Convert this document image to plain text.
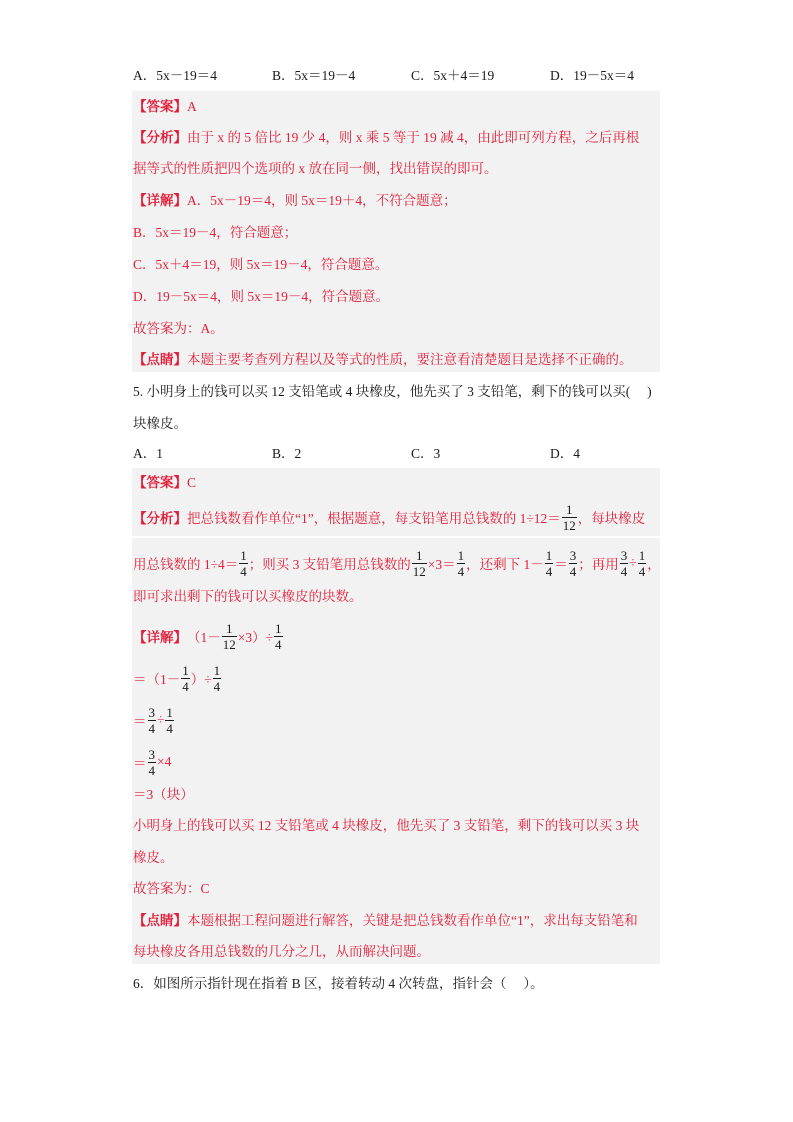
A．5x－19＝4	B．5x＝19－4	C．5x＋4＝19	D．19－5x＝4
【答案】A
【分析】由于 x 的 5 倍比 19 少 4，则 x 乘 5 等于 19 减 4，由此即可列方程，之后再根
据等式的性质把四个选项的 x 放在同一侧，找出错误的即可。
【详解】A．5x－19＝4，则 5x＝19＋4，不符合题意；
B．5x＝19－4，符合题意；
C．5x＋4＝19，则 5x＝19－4，符合题意。
D．19－5x＝4，则 5x＝19－4，符合题意。
故答案为：A。
【点睛】本题主要考查列方程以及等式的性质，要注意看清楚题目是选择不正确的。
5. 小明身上的钱可以买 12 支铅笔或 4 块橡皮，他先买了 3 支铅笔，剩下的钱可以买(　 )
块橡皮。
A．1	B．2	C．3	D．4
【答案】C
【分析】 把总钱数看作单位“1”，根据题意，每支铅笔用总钱数的 $1\div 12= \frac{1}{12}$ ，每块橡皮
用总钱数的 $1\div 4= \frac{1}{4}$ ；则买 3 支铅笔用总钱数的 $\frac{1}{12} \times 3= \frac{1}{4}$ ，还剩下 $1- \frac{1}{4} = \frac{3}{4}$ ；再用 $\frac{3}{4} \div \frac{1}{4}$ ，
即可求出剩下的钱可以买橡皮的块数。
【详解】 $(1- \frac{1}{12} \times 3)\div \frac{1}{4}$
$=(1- \frac{1}{4}$ ）÷ $\frac{1}{4}$
＝ $\frac{3}{4} \div \frac{1}{4}$
＝ $\frac{3}{4} \times 4$
＝3（块）
小明身上的钱可以买 12 支铅笔或 4 块橡皮，他先买了 3 支铅笔，剩下的钱可以买 3 块
橡皮。
故答案为：C
【点睛】本题根据工程问题进行解答，关键是把总钱数看作单位“1”，求出每支铅笔和
每块橡皮各用总钱数的几分之几，从而解决问题。
6．如图所示指针现在指着 B 区，接着转动 4 次转盘，指针会（　 ）。
